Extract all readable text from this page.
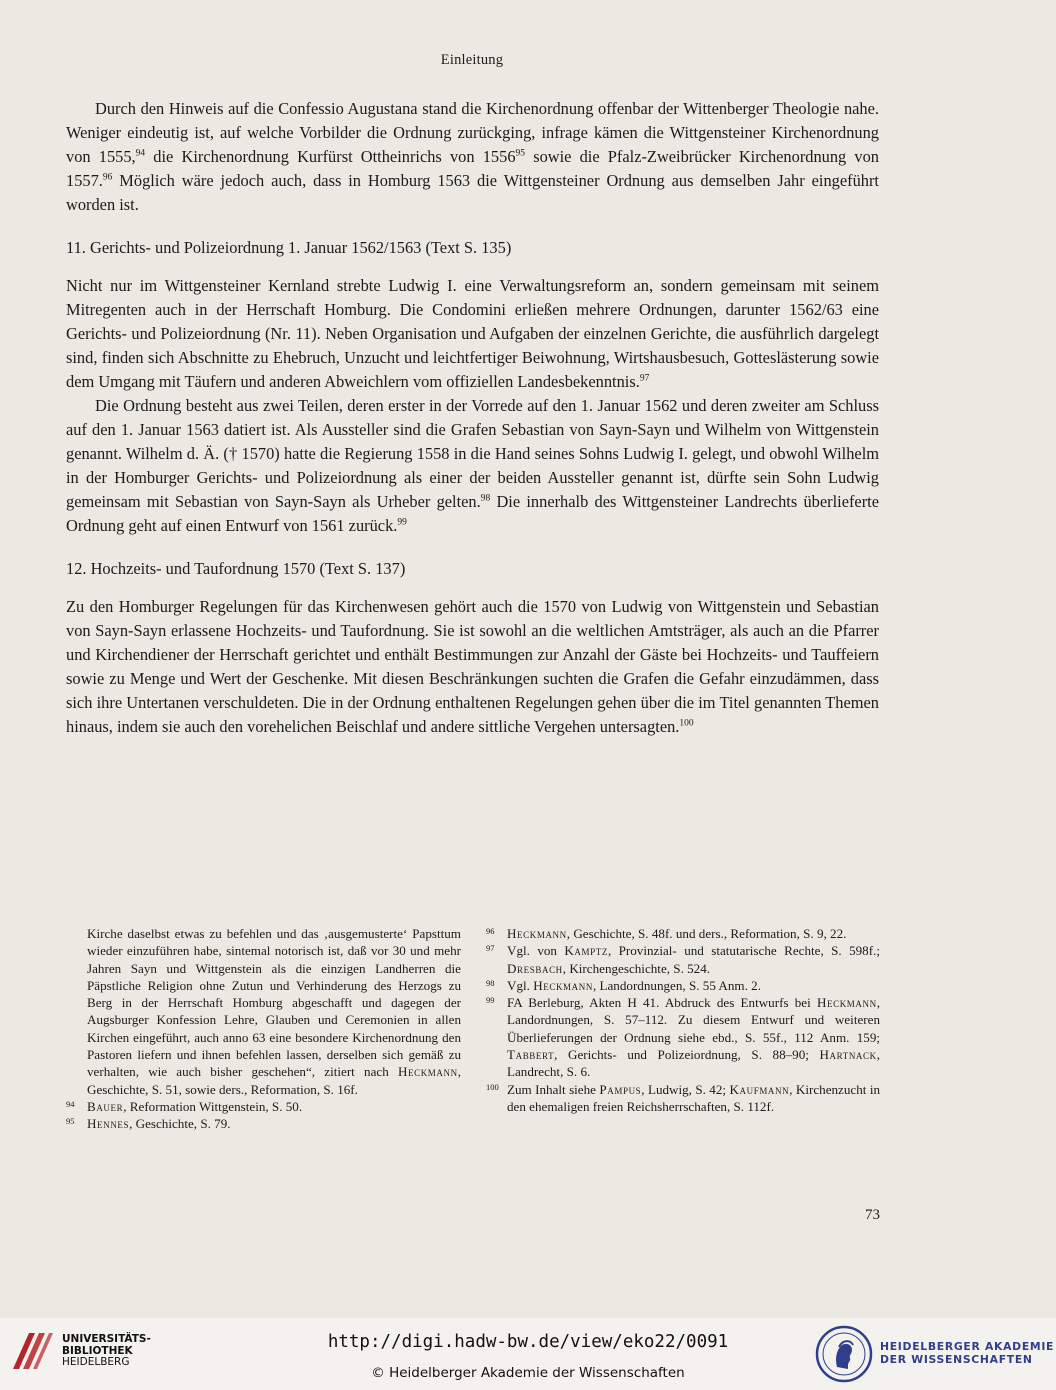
Einleitung

Durch den Hinweis auf die Confessio Augustana stand die Kirchenordnung offenbar der Wittenberger Theologie nahe. Weniger eindeutig ist, auf welche Vorbilder die Ordnung zurückging, infrage kämen die Wittgensteiner Kirchenordnung von 1555,94 die Kirchenordnung Kurfürst Ottheinrichs von 1556$^{95}$ sowie die Pfalz-Zweibrücker Kirchenordnung von 1557.96 Möglich wäre jedoch auch, dass in Homburg 1563 die Wittgensteiner Ordnung aus demselben Jahr eingeführt worden ist.

11. Gerichts- und Polizeiordnung 1. Januar 1562/1563 (Text S. 135)

Nicht nur im Wittgensteiner Kernland strebte Ludwig I. eine Verwaltungsreform an, sondern gemeinsam mit seinem Mitregenten auch in der Herrschaft Homburg. Die Condomini erließen mehrere Ordnungen, darunter 1562/63 eine Gerichts- und Polizeiordnung (Nr. 11). Neben Organisation und Aufgaben der einzelnen Gerichte, die ausführlich dargelegt sind, finden sich Abschnitte zu Ehebruch, Unzucht und leichtfertiger Beiwohnung, Wirtshausbesuch, Gotteslästerung sowie dem Umgang mit Täufern und anderen Abweichlern vom offiziellen Landesbekenntnis.$^{97}$

Die Ordnung besteht aus zwei Teilen, deren erster in der Vorrede auf den 1. Januar 1562 und deren zweiter am Schluss auf den 1. Januar 1563 datiert ist. Als Aussteller sind die Grafen Sebastian von Sayn-Sayn und Wilhelm von Wittgenstein genannt. Wilhelm d. Ä. († 1570) hatte die Regierung 1558 in die Hand seines Sohns Ludwig I. gelegt, und obwohl Wilhelm in der Homburger Gerichts- und Polizeiordnung als einer der beiden Aussteller genannt ist, dürfte sein Sohn Ludwig gemeinsam mit Sebastian von Sayn-Sayn als Urheber gelten.$^{98}$ Die innerhalb des Wittgensteiner Landrechts überlieferte Ordnung geht auf einen Entwurf von 1561 zurück.$^{99}$

12. Hochzeits- und Taufordnung 1570 (Text S. 137)

Zu den Homburger Regelungen für das Kirchenwesen gehört auch die 1570 von Ludwig von Wittgenstein und Sebastian von Sayn-Sayn erlassene Hochzeits- und Taufordnung. Sie ist sowohl an die weltlichen Amtsträger, als auch an die Pfarrer und Kirchendiener der Herrschaft gerichtet und enthält Bestimmungen zur Anzahl der Gäste bei Hochzeits- und Tauffeiern sowie zu Menge und Wert der Geschenke. Mit diesen Beschränkungen suchten die Grafen die Gefahr einzudämmen, dass sich ihre Untertanen verschuldeten. Die in der Ordnung enthaltenen Regelungen gehen über die im Titel genannten Themen hinaus, indem sie auch den vorehelichen Beischlaf und andere sittliche Vergehen untersagten.$^{100}$

Kirche daselbst etwas zu befehlen und das ‚ausgemusterte‘ Papsttum wieder einzuführen habe, sintemal notorisch ist, daß vor 30 und mehr Jahren Sayn und Wittgenstein als die einzigen Landherren die Päpstliche Religion ohne Zutun und Verhinderung des Herzogs zu Berg in der Herrschaft Homburg abgeschafft und dagegen der Augsburger Konfession Lehre, Glauben und Ceremonien in allen Kirchen eingeführt, auch anno 63 eine besondere Kirchenordnung den Pastoren liefern und ihnen befehlen lassen, derselben sich gemäß zu verhalten, wie auch bisher geschehen“, zitiert nach Heckmann, Geschichte, S. 51, sowie ders., Reformation, S. 16f.
94 Bauer, Reformation Wittgenstein, S. 50.
95 Hennes, Geschichte, S. 79.
96 Heckmann, Geschichte, S. 48f. und ders., Reformation, S. 9, 22.
97 Vgl. von Kamptz, Provinzial- und statutarische Rechte, S. 598f.; Dresbach, Kirchengeschichte, S. 524.
98 Vgl. Heckmann, Landordnungen, S. 55 Anm. 2.
99 FA Berleburg, Akten H 41. Abdruck des Entwurfs bei Heckmann, Landordnungen, S. 57–112. Zu diesem Entwurf und weiteren Überlieferungen der Ordnung siehe ebd., S. 55f., 112 Anm. 159; Tabbert, Gerichts- und Polizeiordnung, S. 88–90; Hartnack, Landrecht, S. 6.
100 Zum Inhalt siehe Pampus, Ludwig, S. 42; Kaufmann, Kirchenzucht in den ehemaligen freien Reichsherrschaften, S. 112f.
73
UNIVERSITÄTS-
BIBLIOTHEK
HEIDELBERG
http://digi.hadw-bw.de/view/eko22/0091
© Heidelberger Akademie der Wissenschaften
HEIDELBERGER AKADEMIE
DER WISSENSCHAFTEN
